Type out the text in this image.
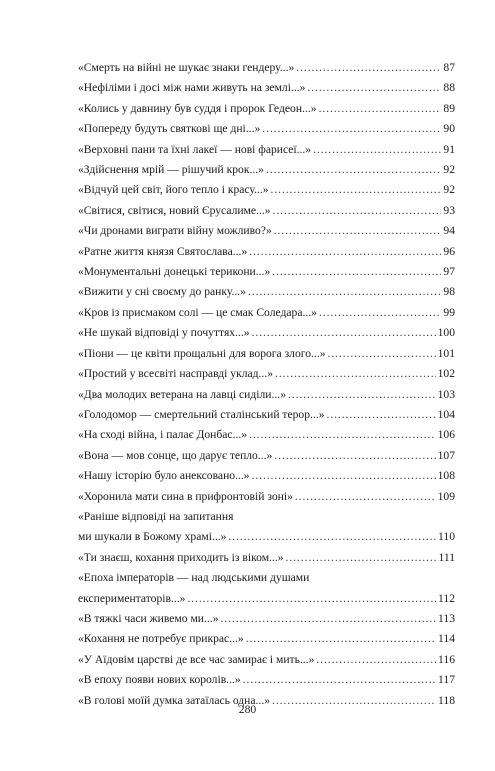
«Смерть на війні не шукає знаки гендеру...» . . .	87
«Нефіліми і досі між нами живуть на землі...» . . .	88
«Колись у давнину був суддя і пророк Гедеон...» . . .	89
«Попереду будуть святкові ще дні...» . . .	90
«Верховні пани та їхні лакеї — нові фарисеї...» . . .	91
«Здійснення мрій — рішучий крок...» . . .	92
«Відчуй цей світ, його тепло і красу...» . . .	92
«Світися, світися, новий Єрусалиме...» . . .	93
«Чи дронами виграти війну можливо?» . . .	94
«Ратне життя князя Святослава...» . . .	96
«Монументальні донецькі терикони...» . . .	97
«Вижити у сні своєму до ранку...» . . .	98
«Кров із присмаком солі — це смак Соледара...» . . .	99
«Не шукай відповіді у почуттях...» . . .	100
«Піони — це квіти прощальні для ворога злого...» . . .	101
«Простий у всесвіті насправді уклад...» . . .	102
«Два молодих ветерана на лавці сиділи...» . . .	103
«Голодомор — смертельний сталінський терор...» . . .	104
«На сході війна, і палає Донбас...» . . .	106
«Вона — мов сонце, що дарує тепло...» . . .	107
«Нашу історію було анексовано...» . . .	108
«Хоронила мати сина в прифронтовій зоні» . . .	109
«Раніше відповіді на запитання
ми шукали в Божому храмі...» . . .	110
«Ти знаєш, кохання приходить із віком...» . . .	111
«Епоха імператорів — над людськими душами
експериментаторів...» . . .	112
«В тяжкі часи живемо ми...» . . .	113
«Кохання не потребує прикрас...» . . .	114
«У Аїдовім царстві де все час замирає і мить...» . . .	116
«В епоху появи нових королів...» . . .	117
«В голові моїй думка затаїлась одна...» . . .	118
280
